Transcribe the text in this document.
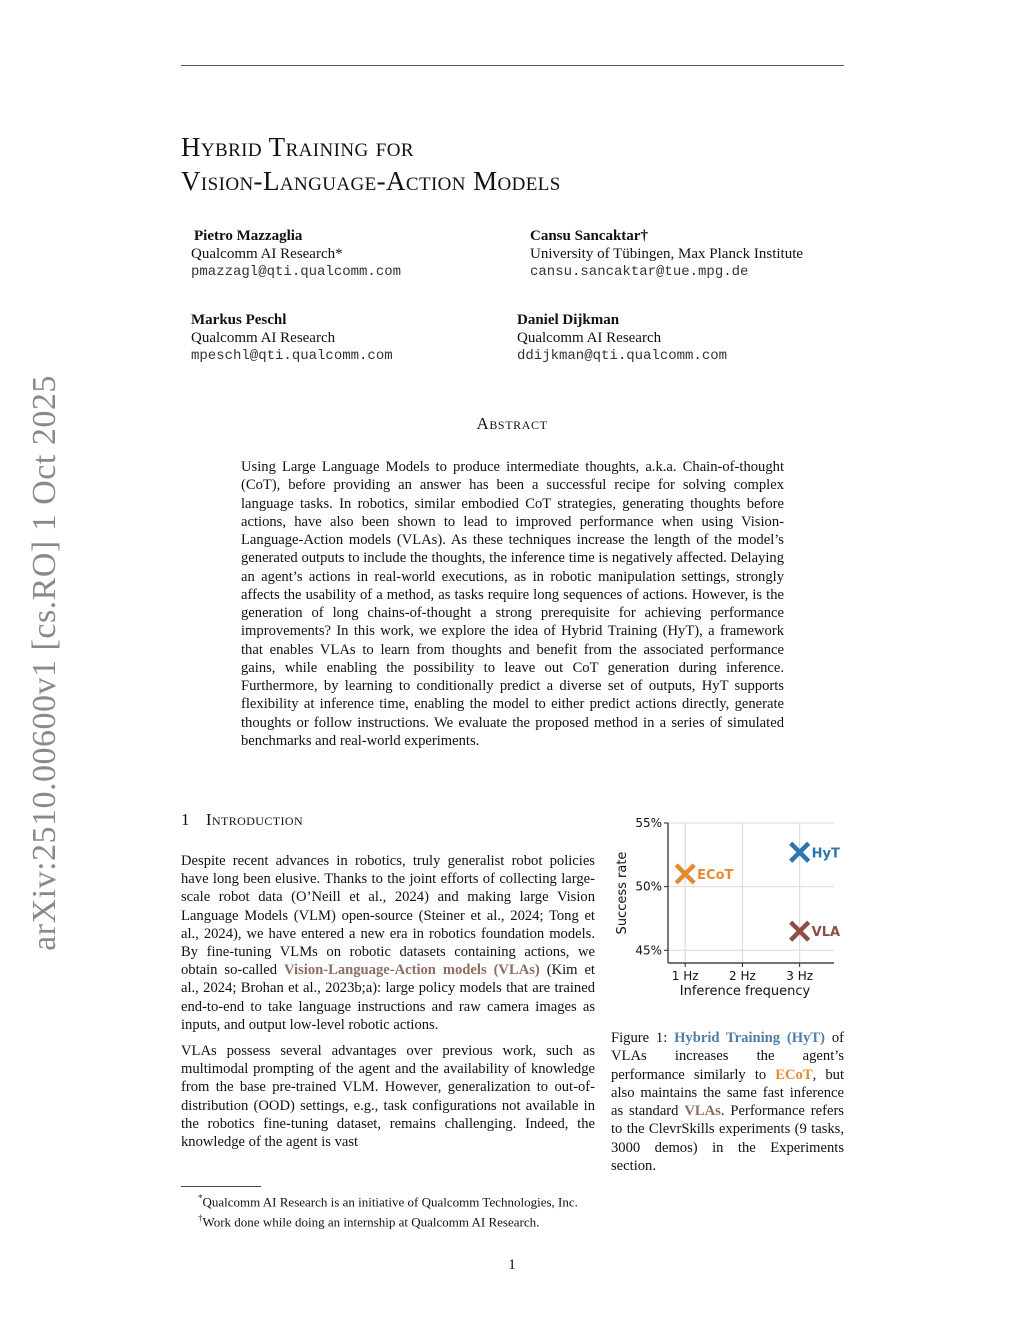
arXiv:2510.00600v1 [cs.RO] 1 Oct 2025
Hybrid Training for
Vision-Language-Action Models
Pietro Mazzaglia
Qualcomm AI Research*
pmazzagl@qti.qualcomm.com
Cansu Sancaktar†
University of Tübingen, Max Planck Institute
cansu.sancaktar@tue.mpg.de
Markus Peschl
Qualcomm AI Research
mpeschl@qti.qualcomm.com
Daniel Dijkman
Qualcomm AI Research
ddijkman@qti.qualcomm.com
Abstract
Using Large Language Models to produce intermediate thoughts, a.k.a. Chain-of-thought (CoT), before providing an answer has been a successful recipe for solving complex language tasks. In robotics, similar embodied CoT strategies, generating thoughts before actions, have also been shown to lead to improved performance when using Vision-Language-Action models (VLAs). As these techniques increase the length of the model’s generated outputs to include the thoughts, the inference time is negatively affected. Delaying an agent’s actions in real-world executions, as in robotic manipulation settings, strongly affects the usability of a method, as tasks require long sequences of actions. However, is the generation of long chains-of-thought a strong prerequisite for achieving performance improvements? In this work, we explore the idea of Hybrid Training (HyT), a framework that enables VLAs to learn from thoughts and benefit from the associated performance gains, while enabling the possibility to leave out CoT generation during inference. Furthermore, by learning to conditionally predict a diverse set of outputs, HyT supports flexibility at inference time, enabling the model to either predict actions directly, generate thoughts or follow instructions. We evaluate the proposed method in a series of simulated benchmarks and real-world experiments.
1 Introduction

Despite recent advances in robotics, truly generalist robot policies have long been elusive. Thanks to the joint efforts of collecting large-scale robot data (O’Neill et al., 2024) and making large Vision Language Models (VLM) open-source (Steiner et al., 2024; Tong et al., 2024), we have entered a new era in robotics foundation models. By fine-tuning VLMs on robotic datasets containing actions, we obtain so-called Vision-Language-Action models (VLAs) (Kim et al., 2024; Brohan et al., 2023b;a): large policy models that are trained end-to-end to take language instructions and raw camera images as inputs, and output low-level robotic actions.

VLAs possess several advantages over previous work, such as multimodal prompting of the agent and the availability of knowledge from the base pre-trained VLM. However, generalization to out-of-distribution (OOD) settings, e.g., task configurations not available in the robotics fine-tuning dataset, remains challenging. Indeed, the knowledge of the agent is vast

45%
50%
55%
1 Hz	2 Hz	3 Hz
Inference frequency
Success rate	ECoT
HyT
VLA
Figure 1: Hybrid Training (HyT) of VLAs increases the agent’s performance similarly to ECoT, but also maintains the same fast inference as standard VLAs. Performance refers to the ClevrSkills experiments (9 tasks, 3000 demos) in the Experiments section.
*Qualcomm AI Research is an initiative of Qualcomm Technologies, Inc.
†Work done while doing an internship at Qualcomm AI Research.
1
